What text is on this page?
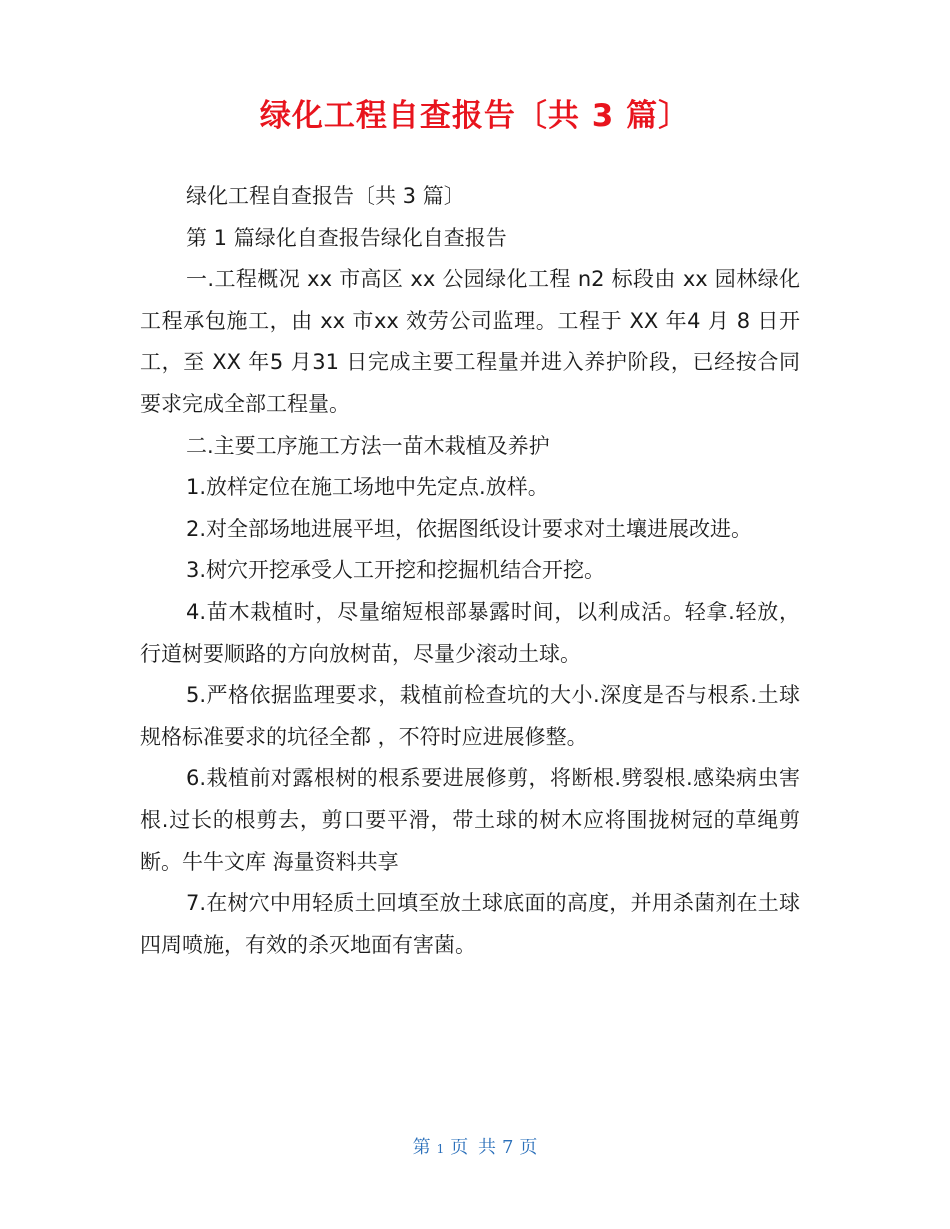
绿化工程自查报告〔共 3 篇〕

绿化工程自查报告〔共 3 篇〕

第 1 篇绿化自查报告绿化自查报告

一.工程概况 xx 市高区 xx 公园绿化工程 n2 标段由 xx 园林绿化工程承包施工，由 xx 市xx 效劳公司监理。工程于 XX 年4 月 8 日开工，至 XX 年5 月31 日完成主要工程量并进入养护阶段，已经按合同要求完成全部工程量。

二.主要工序施工方法一苗木栽植及养护

1.放样定位在施工场地中先定点.放样。

2.对全部场地进展平坦，依据图纸设计要求对土壤进展改进。

3.树穴开挖承受人工开挖和挖掘机结合开挖。

4.苗木栽植时，尽量缩短根部暴露时间，以利成活。轻拿.轻放，行道树要顺路的方向放树苗，尽量少滚动土球。

5.严格依据监理要求，栽植前检查坑的大小.深度是否与根系.土球规格标准要求的坑径全都 ，不符时应进展修整。

6.栽植前对露根树的根系要进展修剪，将断根.劈裂根.感染病虫害根.过长的根剪去，剪口要平滑，带土球的树木应将围拢树冠的草绳剪断。牛牛文库 海量资料共享

7.在树穴中用轻质土回填至放土球底面的高度，并用杀菌剂在土球四周喷施，有效的杀灭地面有害菌。

第 1 页 共 7 页
